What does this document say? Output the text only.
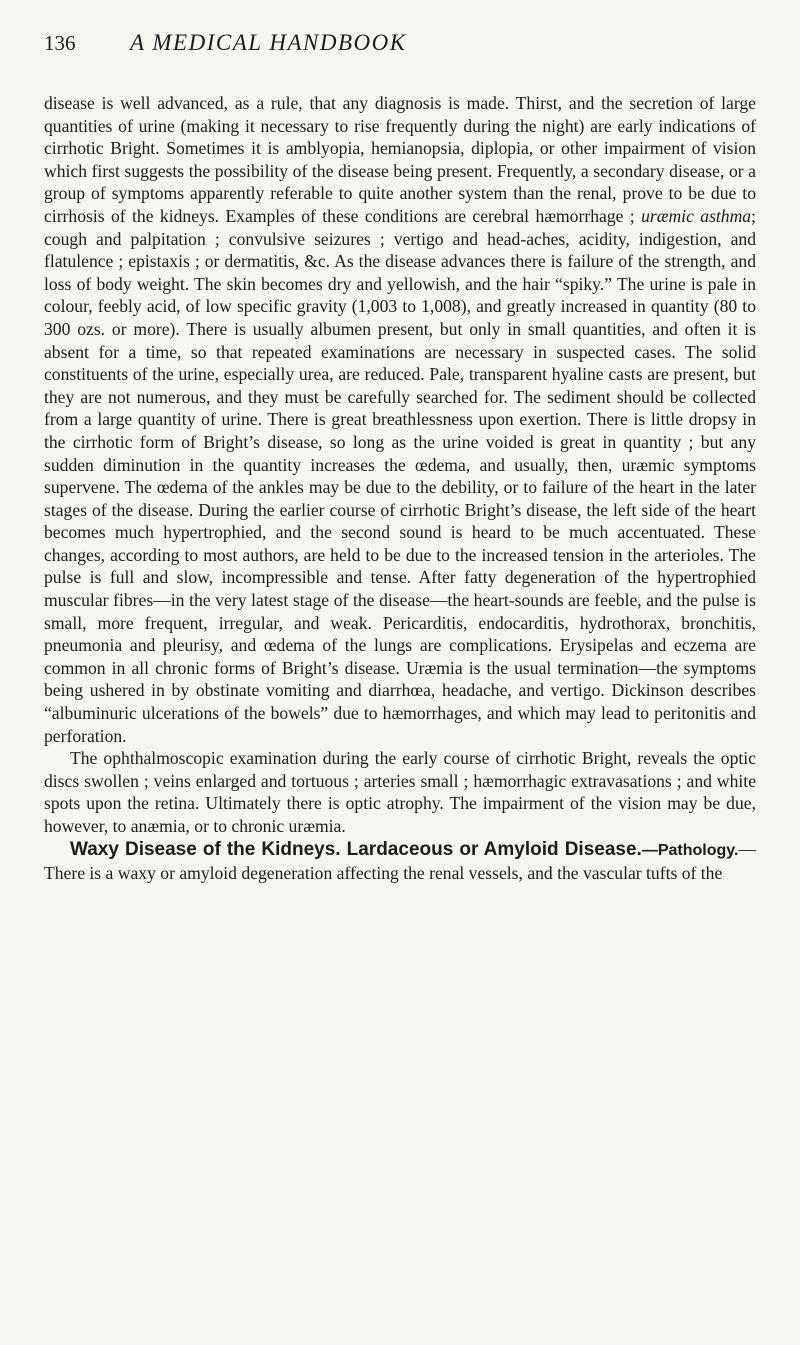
136	A MEDICAL HANDBOOK

disease is well advanced, as a rule, that any diagnosis is made. Thirst, and the secretion of large quantities of urine (making it necessary to rise frequently during the night) are early indications of cirrhotic Bright. Sometimes it is amblyopia, hemianopsia, diplopia, or other impairment of vision which first suggests the possibility of the disease being present. Frequently, a secondary disease, or a group of symptoms apparently referable to quite another system than the renal, prove to be due to cirrhosis of the kidneys. Examples of these conditions are cerebral hæmorrhage ; uræmic asthma; cough and palpitation ; convulsive seizures ; vertigo and head-aches, acidity, indigestion, and flatulence ; epistaxis ; or dermatitis, &c. As the disease advances there is failure of the strength, and loss of body weight. The skin becomes dry and yellowish, and the hair “spiky.” The urine is pale in colour, feebly acid, of low specific gravity (1,003 to 1,008), and greatly increased in quantity (80 to 300 ozs. or more). There is usually albumen present, but only in small quantities, and often it is absent for a time, so that repeated examinations are necessary in suspected cases. The solid constituents of the urine, especially urea, are reduced. Pale, transparent hyaline casts are present, but they are not numerous, and they must be carefully searched for. The sediment should be collected from a large quantity of urine. There is great breathlessness upon exertion. There is little dropsy in the cirrhotic form of Bright’s disease, so long as the urine voided is great in quantity ; but any sudden diminution in the quantity increases the œdema, and usually, then, uræmic symptoms supervene. The œdema of the ankles may be due to the debility, or to failure of the heart in the later stages of the disease. During the earlier course of cirrhotic Bright’s disease, the left side of the heart becomes much hypertrophied, and the second sound is heard to be much accentuated. These changes, according to most authors, are held to be due to the increased tension in the arterioles. The pulse is full and slow, incompressible and tense. After fatty degeneration of the hypertrophied muscular fibres—in the very latest stage of the disease—the heart-sounds are feeble, and the pulse is small, more frequent, irregular, and weak. Pericarditis, endocarditis, hydrothorax, bronchitis, pneumonia and pleurisy, and œdema of the lungs are complications. Erysipelas and eczema are common in all chronic forms of Bright’s disease. Uræmia is the usual termination—the symptoms being ushered in by obstinate vomiting and diarrhœa, headache, and vertigo. Dickinson describes “albuminuric ulcerations of the bowels” due to hæmorrhages, and which may lead to peritonitis and perforation.

The ophthalmoscopic examination during the early course of cirrhotic Bright, reveals the optic discs swollen ; veins enlarged and tortuous ; arteries small ; hæmorrhagic extravasations ; and white spots upon the retina. Ultimately there is optic atrophy. The impairment of the vision may be due, however, to anæmia, or to chronic uræmia.

Waxy Disease of the Kidneys. Lardaceous or Amyloid Disease.—Pathology.—There is a waxy or amyloid degeneration affecting the renal vessels, and the vascular tufts of the
